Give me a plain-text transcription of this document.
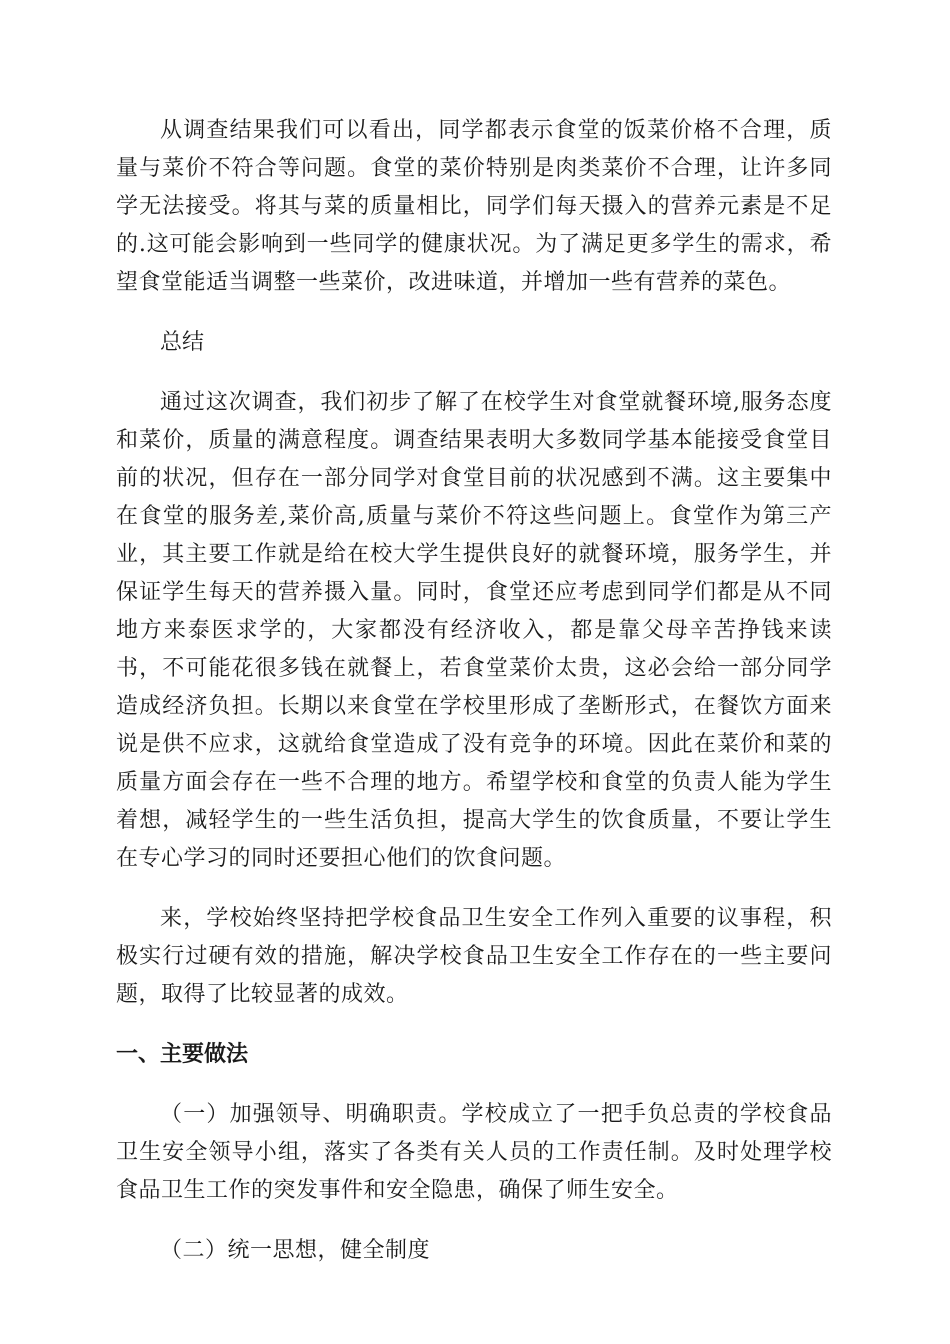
从调查结果我们可以看出，同学都表示食堂的饭菜价格不合理，质量与菜价不符合等问题。食堂的菜价特别是肉类菜价不合理，让许多同学无法接受。将其与菜的质量相比，同学们每天摄入的营养元素是不足的.这可能会影响到一些同学的健康状况。为了满足更多学生的需求，希望食堂能适当调整一些菜价，改进味道，并增加一些有营养的菜色。

总结

通过这次调查，我们初步了解了在校学生对食堂就餐环境,服务态度和菜价，质量的满意程度。调查结果表明大多数同学基本能接受食堂目前的状况，但存在一部分同学对食堂目前的状况感到不满。这主要集中在食堂的服务差,菜价高,质量与菜价不符这些问题上。食堂作为第三产业，其主要工作就是给在校大学生提供良好的就餐环境，服务学生，并保证学生每天的营养摄入量。同时，食堂还应考虑到同学们都是从不同地方来泰医求学的，大家都没有经济收入，都是靠父母辛苦挣钱来读书，不可能花很多钱在就餐上，若食堂菜价太贵，这必会给一部分同学造成经济负担。长期以来食堂在学校里形成了垄断形式，在餐饮方面来说是供不应求，这就给食堂造成了没有竞争的环境。因此在菜价和菜的质量方面会存在一些不合理的地方。希望学校和食堂的负责人能为学生着想，减轻学生的一些生活负担，提高大学生的饮食质量，不要让学生在专心学习的同时还要担心他们的饮食问题。

来，学校始终坚持把学校食品卫生安全工作列入重要的议事程，积极实行过硬有效的措施，解决学校食品卫生安全工作存在的一些主要问题，取得了比较显著的成效。

一、主要做法

（一）加强领导、明确职责。学校成立了一把手负总责的学校食品卫生安全领导小组，落实了各类有关人员的工作责任制。及时处理学校食品卫生工作的突发事件和安全隐患，确保了师生安全。

（二）统一思想，健全制度
